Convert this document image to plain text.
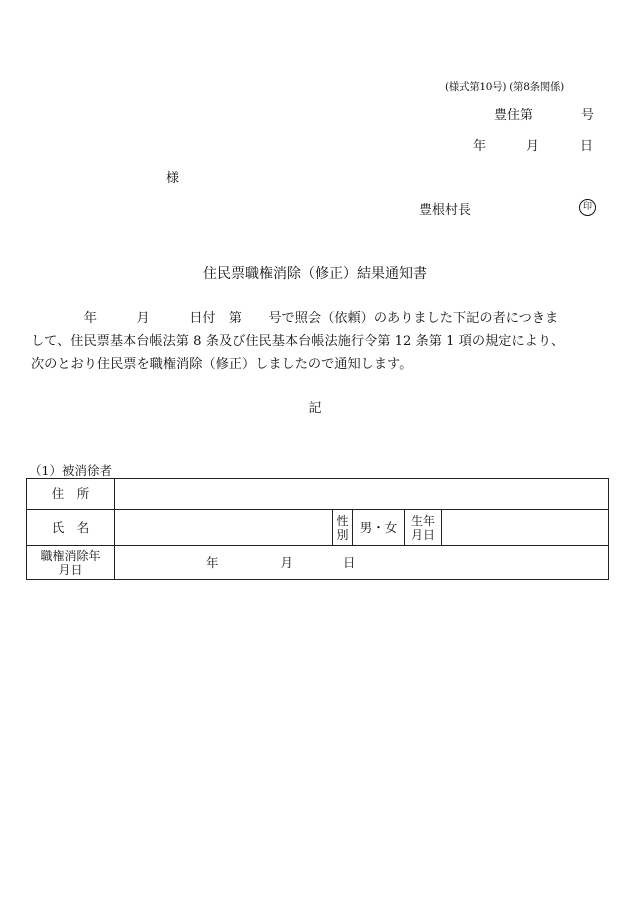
(様式第10号) (第8条関係)
豊住第	号
年	月	日
様
豊根村長	印
住民票職権消除（修正）結果通知書
　　　　年　　　月　　　日付　第　　号で照会（依頼）のありました下記の者につきま
して、住民票基本台帳法第 8 条及び住民基本台帳法施行令第 12 条第 1 項の規定により、
次のとおり住民票を職権消除（修正）しましたので通知します。
記
（1）被消徐者
住　所					
氏　名		性別	男・女	生年月日	
職権消除年月日	年 月 日				
